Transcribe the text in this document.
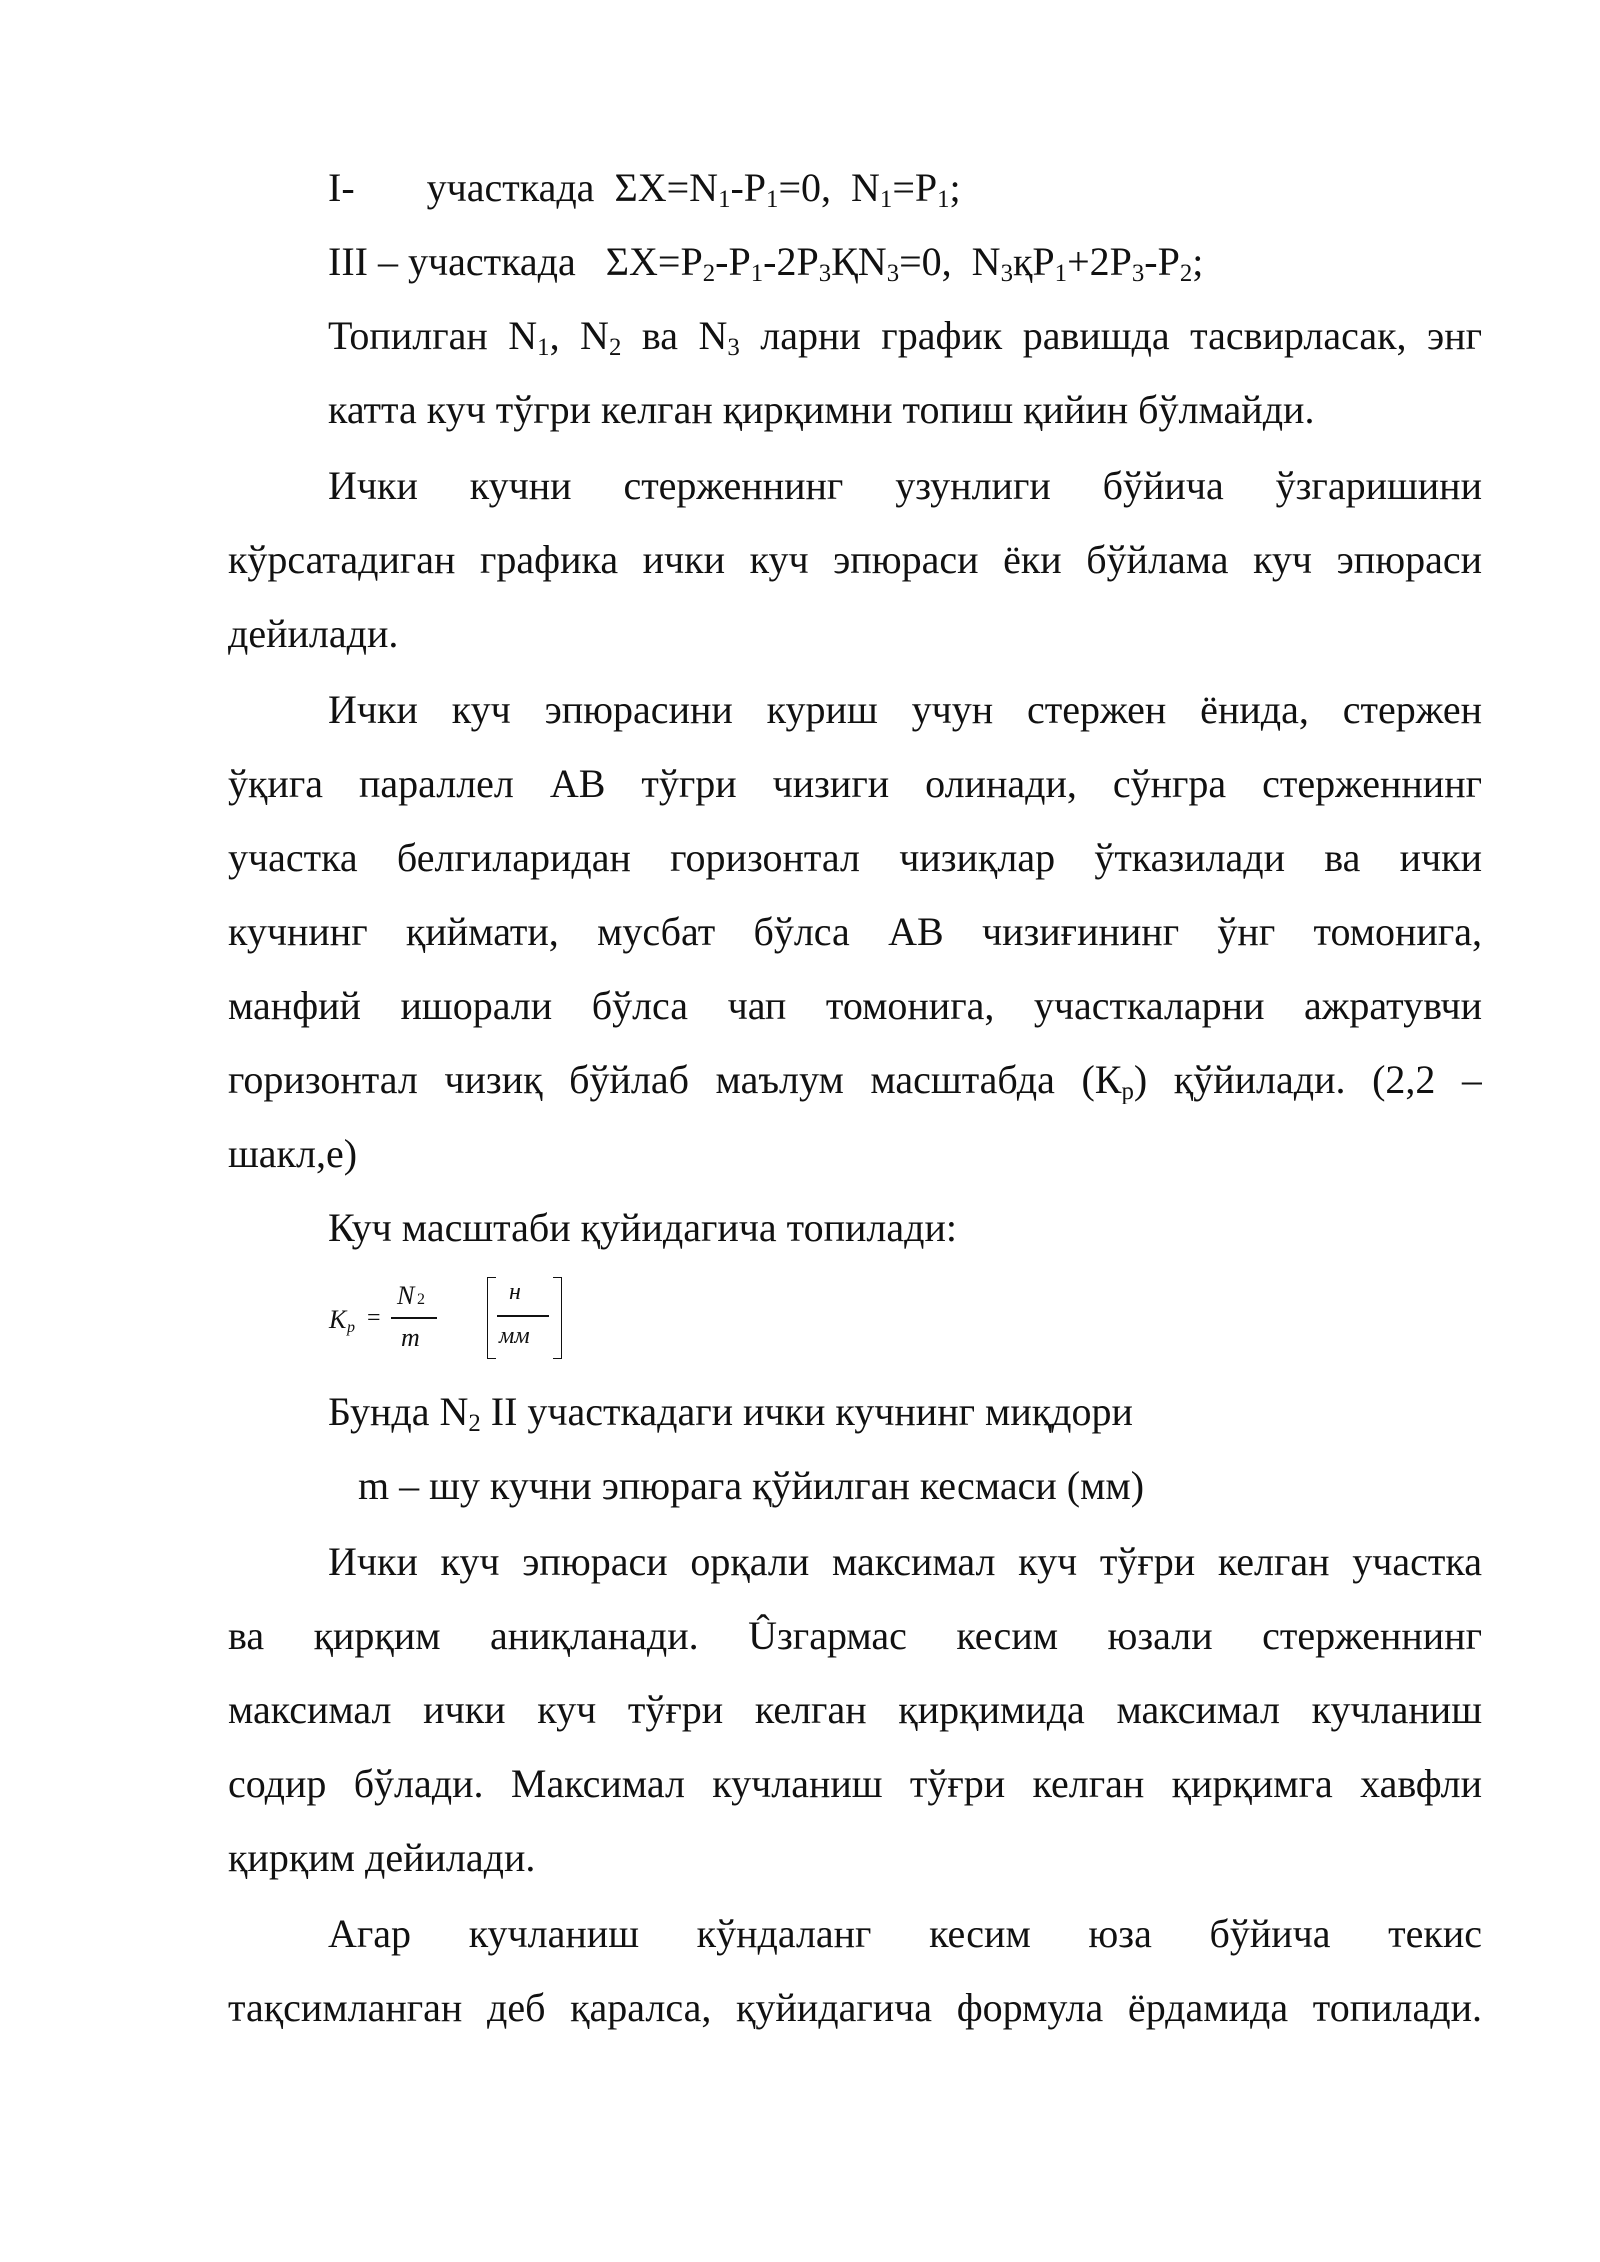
I- участкада $\Sigma X=N_1-P_1=0$,  $N_1=P_1$;
III – участкада $\Sigma X=P_2-P_1-2P_3ҚN_3=0$,  $N_3қP_1+2P_3-P_2$;
Топилган $N_1$, $N_2$ ва $N_3$ ларни график равишда тасвирласак, энг
катта куч тўгри келган қирқимни топиш қийин бўлмайди.
Ички кучни стерженнинг узунлиги бўйича ўзгаришини
кўрсатадиган графика ички куч эпюраси ёки бўйлама куч эпюраси
дейилади.
Ички куч эпюрасини куриш учун стержен ёнида, стержен
ўқига параллел АВ тўгри чизиги олинади, сўнгра стерженнинг
участка белгиларидан горизонтал чизиқлар ўтказилади ва ички
кучнинг қиймати, мусбат бўлса АВ чизиғининг ўнг томонига,
манфий ишорали бўлса чап томонига, участкаларни ажратувчи
горизонтал чизиқ бўйлаб маълум масштабда $(К_р)$ қўйилади. (2,2 –
шакл,е)
Куч масштаби қуйидагича топилади:
K p =
N 2
m
н
мм
Бунда $N_2$ II участкадаги ички кучнинг миқдори
m – шу кучни эпюрага қўйилган кесмаси (мм)
Ички куч эпюраси орқали максимал куч тўғри келган участка
ва қирқим аниқланади. Ûзгармас кесим юзали стерженнинг
максимал ички куч тўғри келган қирқимида максимал кучланиш
содир бўлади. Максимал кучланиш тўғри келган қирқимга хавфли
қирқим дейилади.
Агар кучланиш кўндаланг кесим юза бўйича текис
тақсимланган деб қаралса, қуйидагича формула ёрдамида топилади.
